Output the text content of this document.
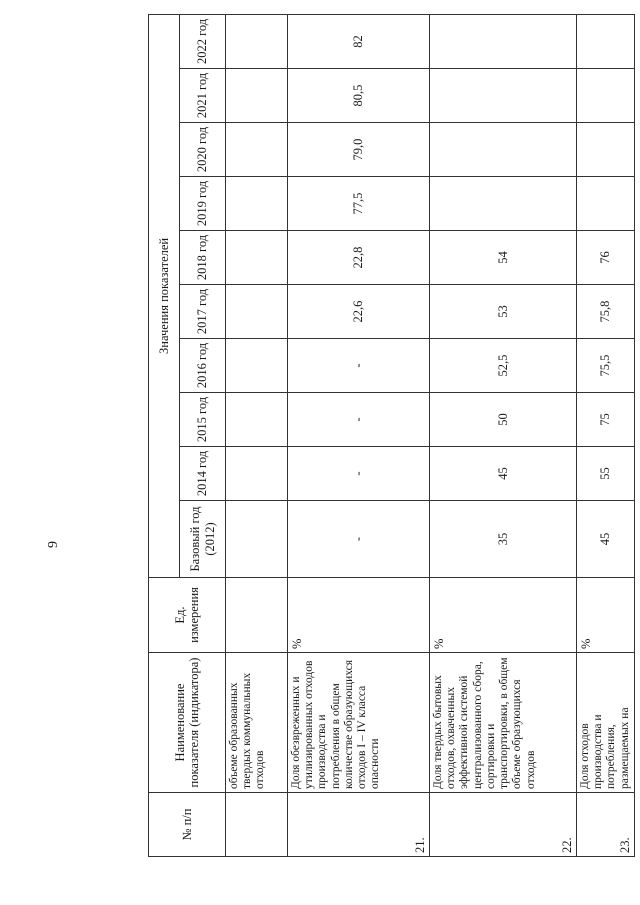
9
№ п/п	Наименование показателя (индикатора)	Ед. измерения	Значения показателей									
			Базовый год (2012)	2014 год	2015 год	2016 год	2017 год	2018 год	2019 год	2020 год	2021 год	2022 год
	объеме образованных твердых коммунальных отходов											
21.	Доля обезвреженных и утилизированных отходов производства и потребления в общем количестве образующихся отходов I – IV класса опасности	%	-	-	-	-	22,6	22,8	77,5	79,0	80,5	82
22.	Доля твердых бытовых отходов, охваченных эффективной системой централизованного сбора, сортировки и транспортировки, в общем объеме образующихся отходов	%	35	45	50	52,5	53	54				
23.	Доля отходов производства и потребления, размещаемых на	%	45	55	75	75,5	75,8	76				
